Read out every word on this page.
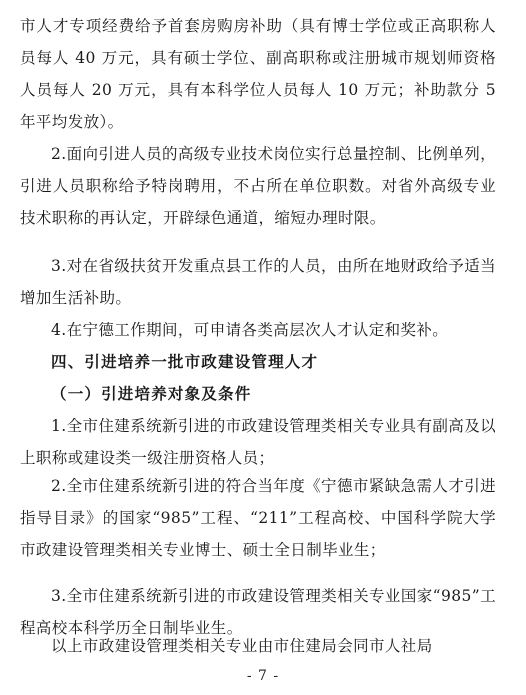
市人才专项经费给予首套房购房补助（具有博士学位或正高职称人员每人 40 万元，具有硕士学位、副高职称或注册城市规划师资格人员每人 20 万元，具有本科学位人员每人 10 万元；补助款分 5 年平均发放）。

2.面向引进人员的高级专业技术岗位实行总量控制、比例单列，引进人员职称给予特岗聘用，不占所在单位职数。对省外高级专业技术职称的再认定，开辟绿色通道，缩短办理时限。

3.对在省级扶贫开发重点县工作的人员，由所在地财政给予适当增加生活补助。

4.在宁德工作期间，可申请各类高层次人才认定和奖补。

四、引进培养一批市政建设管理人才

（一）引进培养对象及条件

1.全市住建系统新引进的市政建设管理类相关专业具有副高及以上职称或建设类一级注册资格人员；

2.全市住建系统新引进的符合当年度《宁德市紧缺急需人才引进指导目录》的国家“985”工程、“211”工程高校、中国科学院大学市政建设管理类相关专业博士、硕士全日制毕业生；

3.全市住建系统新引进的市政建设管理类相关专业国家“985”工程高校本科学历全日制毕业生。

以上市政建设管理类相关专业由市住建局会同市人社局

- 7 -
